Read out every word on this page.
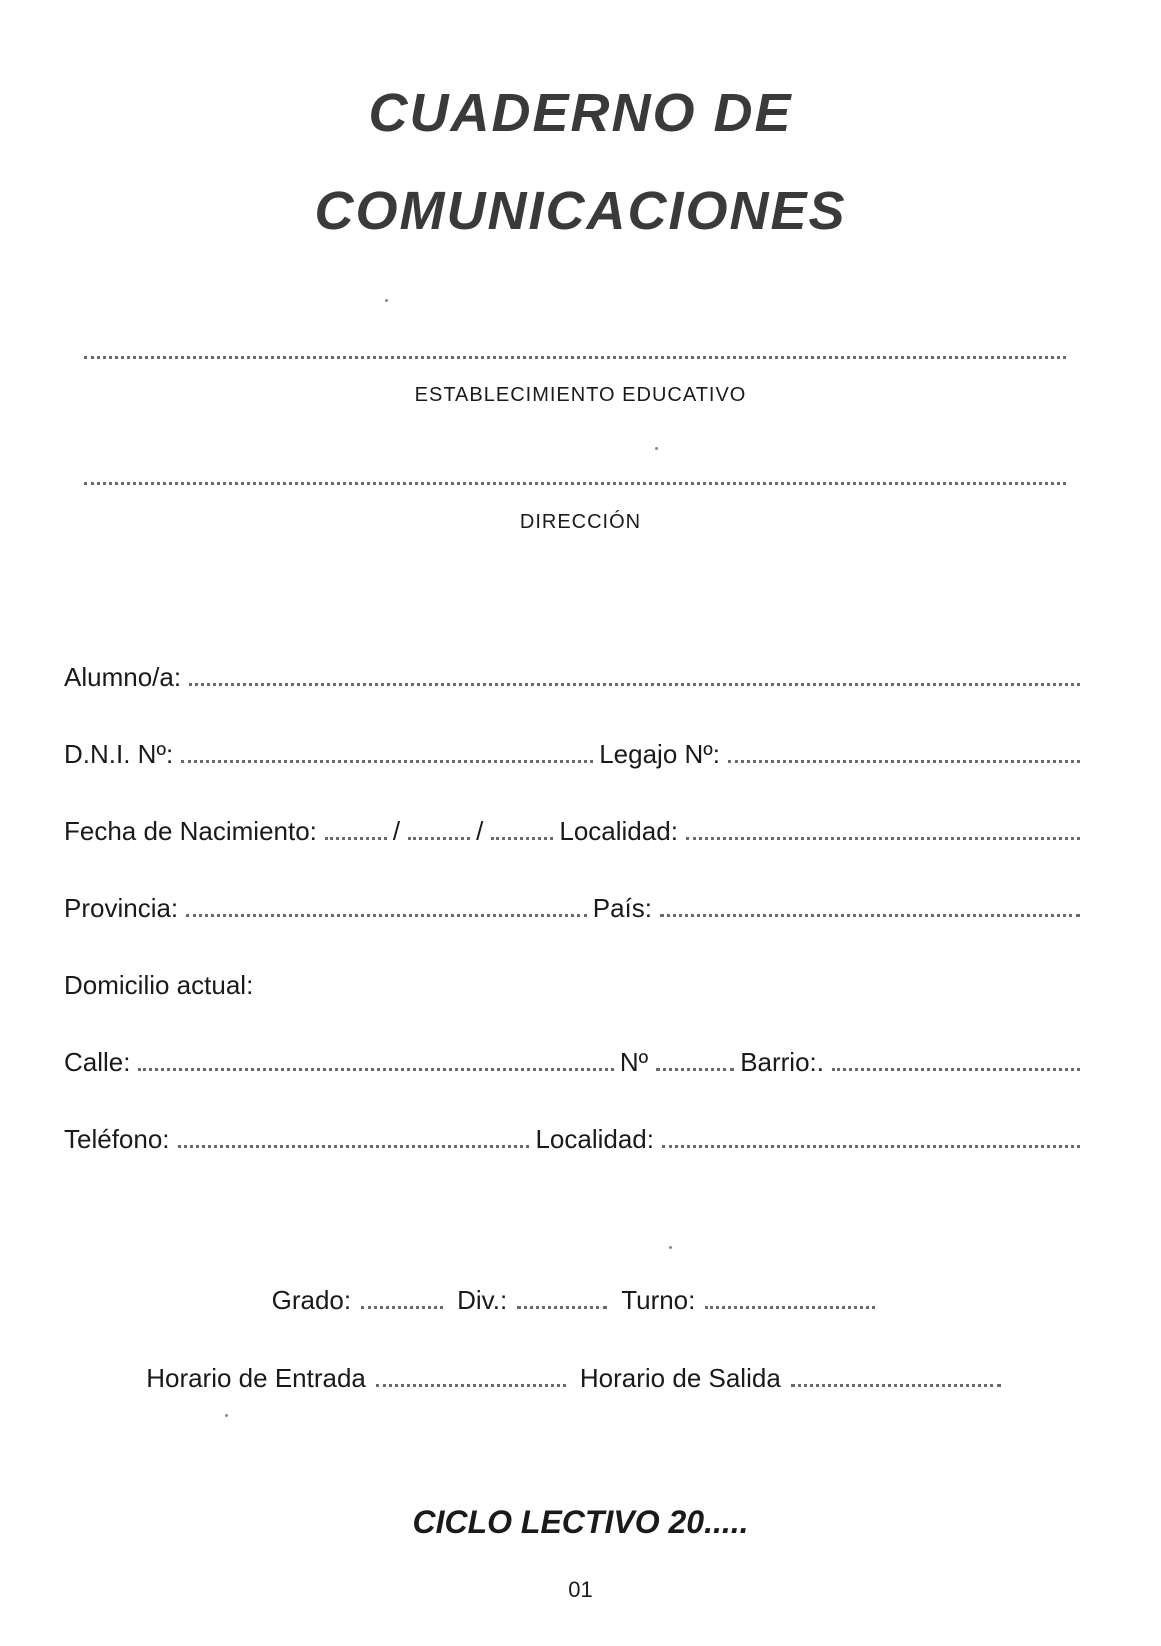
CUADERNO DE
COMUNICACIONES
ESTABLECIMIENTO EDUCATIVO
DIRECCIÓN
Alumno/a:
D.N.I. Nº:	Legajo Nº:
Fecha de Nacimiento:	/	/	Localidad:
Provincia:	País:
Domicilio actual:
Calle:	Nº	Barrio:.
Teléfono:	Localidad:
Grado:	Div.:	Turno:
Horario de Entrada	Horario de Salida
CICLO LECTIVO 20.....
01
